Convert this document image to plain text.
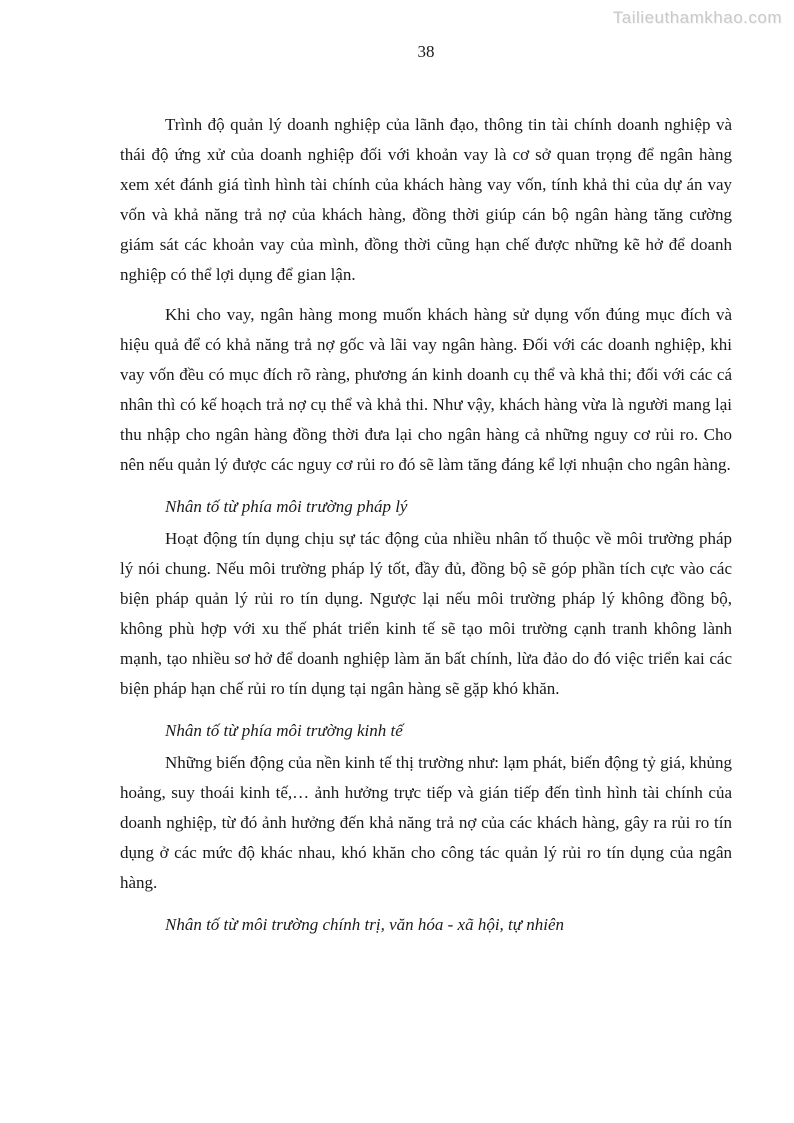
Tailieuthamkhao.com
38

Trình độ quản lý doanh nghiệp của lãnh đạo, thông tin tài chính doanh nghiệp và thái độ ứng xử của doanh nghiệp đối với khoản vay là cơ sở quan trọng để ngân hàng xem xét đánh giá tình hình tài chính của khách hàng vay vốn, tính khả thi của dự án vay vốn và khả năng trả nợ của khách hàng, đồng thời giúp cán bộ ngân hàng tăng cường giám sát các khoản vay của mình, đồng thời cũng hạn chế được những kẽ hở để doanh nghiệp có thể lợi dụng để gian lận.

Khi cho vay, ngân hàng mong muốn khách hàng sử dụng vốn đúng mục đích và hiệu quả để có khả năng trả nợ gốc và lãi vay ngân hàng. Đối với các doanh nghiệp, khi vay vốn đều có mục đích rõ ràng, phương án kinh doanh cụ thể và khả thi; đối với các cá nhân thì có kế hoạch trả nợ cụ thể và khả thi. Như vậy, khách hàng vừa là người mang lại thu nhập cho ngân hàng đồng thời đưa lại cho ngân hàng cả những nguy cơ rủi ro. Cho nên nếu quản lý được các nguy cơ rủi ro đó sẽ làm tăng đáng kể lợi nhuận cho ngân hàng.

Nhân tố từ phía môi trường pháp lý

Hoạt động tín dụng chịu sự tác động của nhiều nhân tố thuộc về môi trường pháp lý nói chung. Nếu môi trường pháp lý tốt, đầy đủ, đồng bộ sẽ góp phần tích cực vào các biện pháp quản lý rủi ro tín dụng. Ngược lại nếu môi trường pháp lý không đồng bộ, không phù hợp với xu thế phát triển kinh tế sẽ tạo môi trường cạnh tranh không lành mạnh, tạo nhiều sơ hở để doanh nghiệp làm ăn bất chính, lừa đảo do đó việc triển kai các biện pháp hạn chế rủi ro tín dụng tại ngân hàng sẽ gặp khó khăn.

Nhân tố từ phía môi trường kinh tế

Những biến động của nền kinh tế thị trường như: lạm phát, biến động tỷ giá, khủng hoảng, suy thoái kinh tế,… ảnh hưởng trực tiếp và gián tiếp đến tình hình tài chính của doanh nghiệp, từ đó ảnh hưởng đến khả năng trả nợ của các khách hàng, gây ra rủi ro tín dụng ở các mức độ khác nhau, khó khăn cho công tác quản lý rủi ro tín dụng của ngân hàng.

Nhân tố từ môi trường chính trị, văn hóa - xã hội, tự nhiên
